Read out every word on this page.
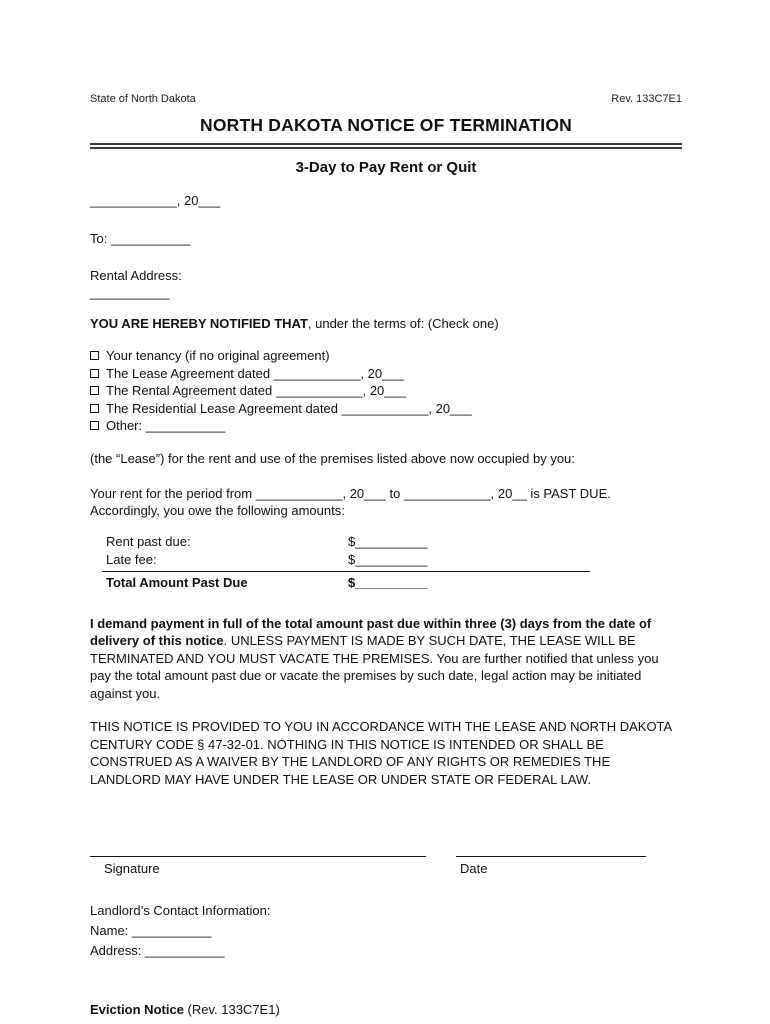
State of North Dakota	Rev. 133C7E1
NORTH DAKOTA NOTICE OF TERMINATION
3-Day to Pay Rent or Quit
____________, 20___
To: ___________
Rental Address:
___________
YOU ARE HEREBY NOTIFIED THAT, under the terms of: (Check one)
Your tenancy (if no original agreement)
The Lease Agreement dated ____________, 20___
The Rental Agreement dated ____________, 20___
The Residential Lease Agreement dated ____________, 20___
Other: ___________
(the “Lease”) for the rent and use of the premises listed above now occupied by you:
Your rent for the period from ____________, 20___ to ____________, 20__ is PAST DUE. Accordingly, you owe the following amounts:
Rent past due:	$__________
Late fee:	$__________
Total Amount Past Due	$__________
I demand payment in full of the total amount past due within three (3) days from the date of delivery of this notice. UNLESS PAYMENT IS MADE BY SUCH DATE, THE LEASE WILL BE TERMINATED AND YOU MUST VACATE THE PREMISES. You are further notified that unless you pay the total amount past due or vacate the premises by such date, legal action may be initiated against you.
THIS NOTICE IS PROVIDED TO YOU IN ACCORDANCE WITH THE LEASE AND NORTH DAKOTA CENTURY CODE § 47-32-01. NOTHING IN THIS NOTICE IS INTENDED OR SHALL BE CONSTRUED AS A WAIVER BY THE LANDLORD OF ANY RIGHTS OR REMEDIES THE LANDLORD MAY HAVE UNDER THE LEASE OR UNDER STATE OR FEDERAL LAW.
Signature	Date
Landlord’s Contact Information:
Name: ___________
Address: ___________
Eviction Notice (Rev. 133C7E1)
